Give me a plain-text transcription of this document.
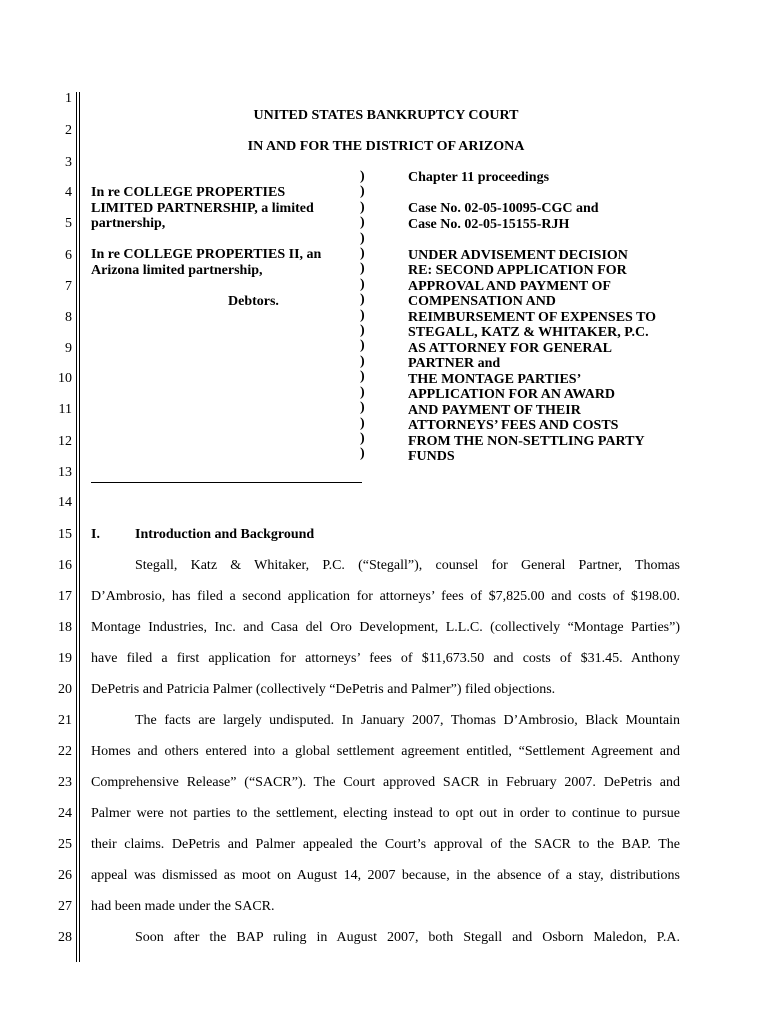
1
2
3
4
5
6
7
8
9
10
11
12
13
14
15
16
17
18
19
20
21
22
23
24
25
26
27
28
UNITED STATES BANKRUPTCY COURT
IN AND FOR THE DISTRICT OF ARIZONA
In re COLLEGE PROPERTIES
LIMITED PARTNERSHIP, a limited
partnership,
In re COLLEGE PROPERTIES II, an
Arizona limited partnership,
Debtors.
)
)
)
)
)
)
)
)
)
)
)
)
)
)
)
)
)
)
)
Chapter 11 proceedings
Case No. 02-05-10095-CGC and
Case No. 02-05-15155-RJH
UNDER ADVISEMENT DECISION
RE: SECOND APPLICATION FOR
APPROVAL AND PAYMENT OF
COMPENSATION AND
REIMBURSEMENT OF EXPENSES TO
STEGALL, KATZ & WHITAKER, P.C.
AS ATTORNEY FOR GENERAL
PARTNER and
THE MONTAGE PARTIES’
APPLICATION FOR AN AWARD
AND PAYMENT OF THEIR
ATTORNEYS’ FEES AND COSTS
FROM THE NON-SETTLING PARTY
FUNDS
I.	Introduction and Background
Stegall, Katz & Whitaker, P.C. (“Stegall”), counsel for General Partner, Thomas
D’Ambrosio, has filed a second application for attorneys’ fees of $7,825.00 and costs of $198.00.
Montage Industries, Inc. and Casa del Oro Development, L.L.C. (collectively “Montage Parties”)
have filed a first application for attorneys’ fees of $11,673.50 and costs of $31.45. Anthony
DePetris and Patricia Palmer (collectively “DePetris and Palmer”) filed objections.
The facts are largely undisputed. In January 2007, Thomas D’Ambrosio, Black Mountain
Homes and others entered into a global settlement agreement entitled, “Settlement Agreement and
Comprehensive Release” (“SACR”). The Court approved SACR in February 2007. DePetris and
Palmer were not parties to the settlement, electing instead to opt out in order to continue to pursue
their claims. DePetris and Palmer appealed the Court’s approval of the SACR to the BAP. The
appeal was dismissed as moot on August 14, 2007 because, in the absence of a stay, distributions
had been made under the SACR.
Soon after the BAP ruling in August 2007, both Stegall and Osborn Maledon, P.A.
